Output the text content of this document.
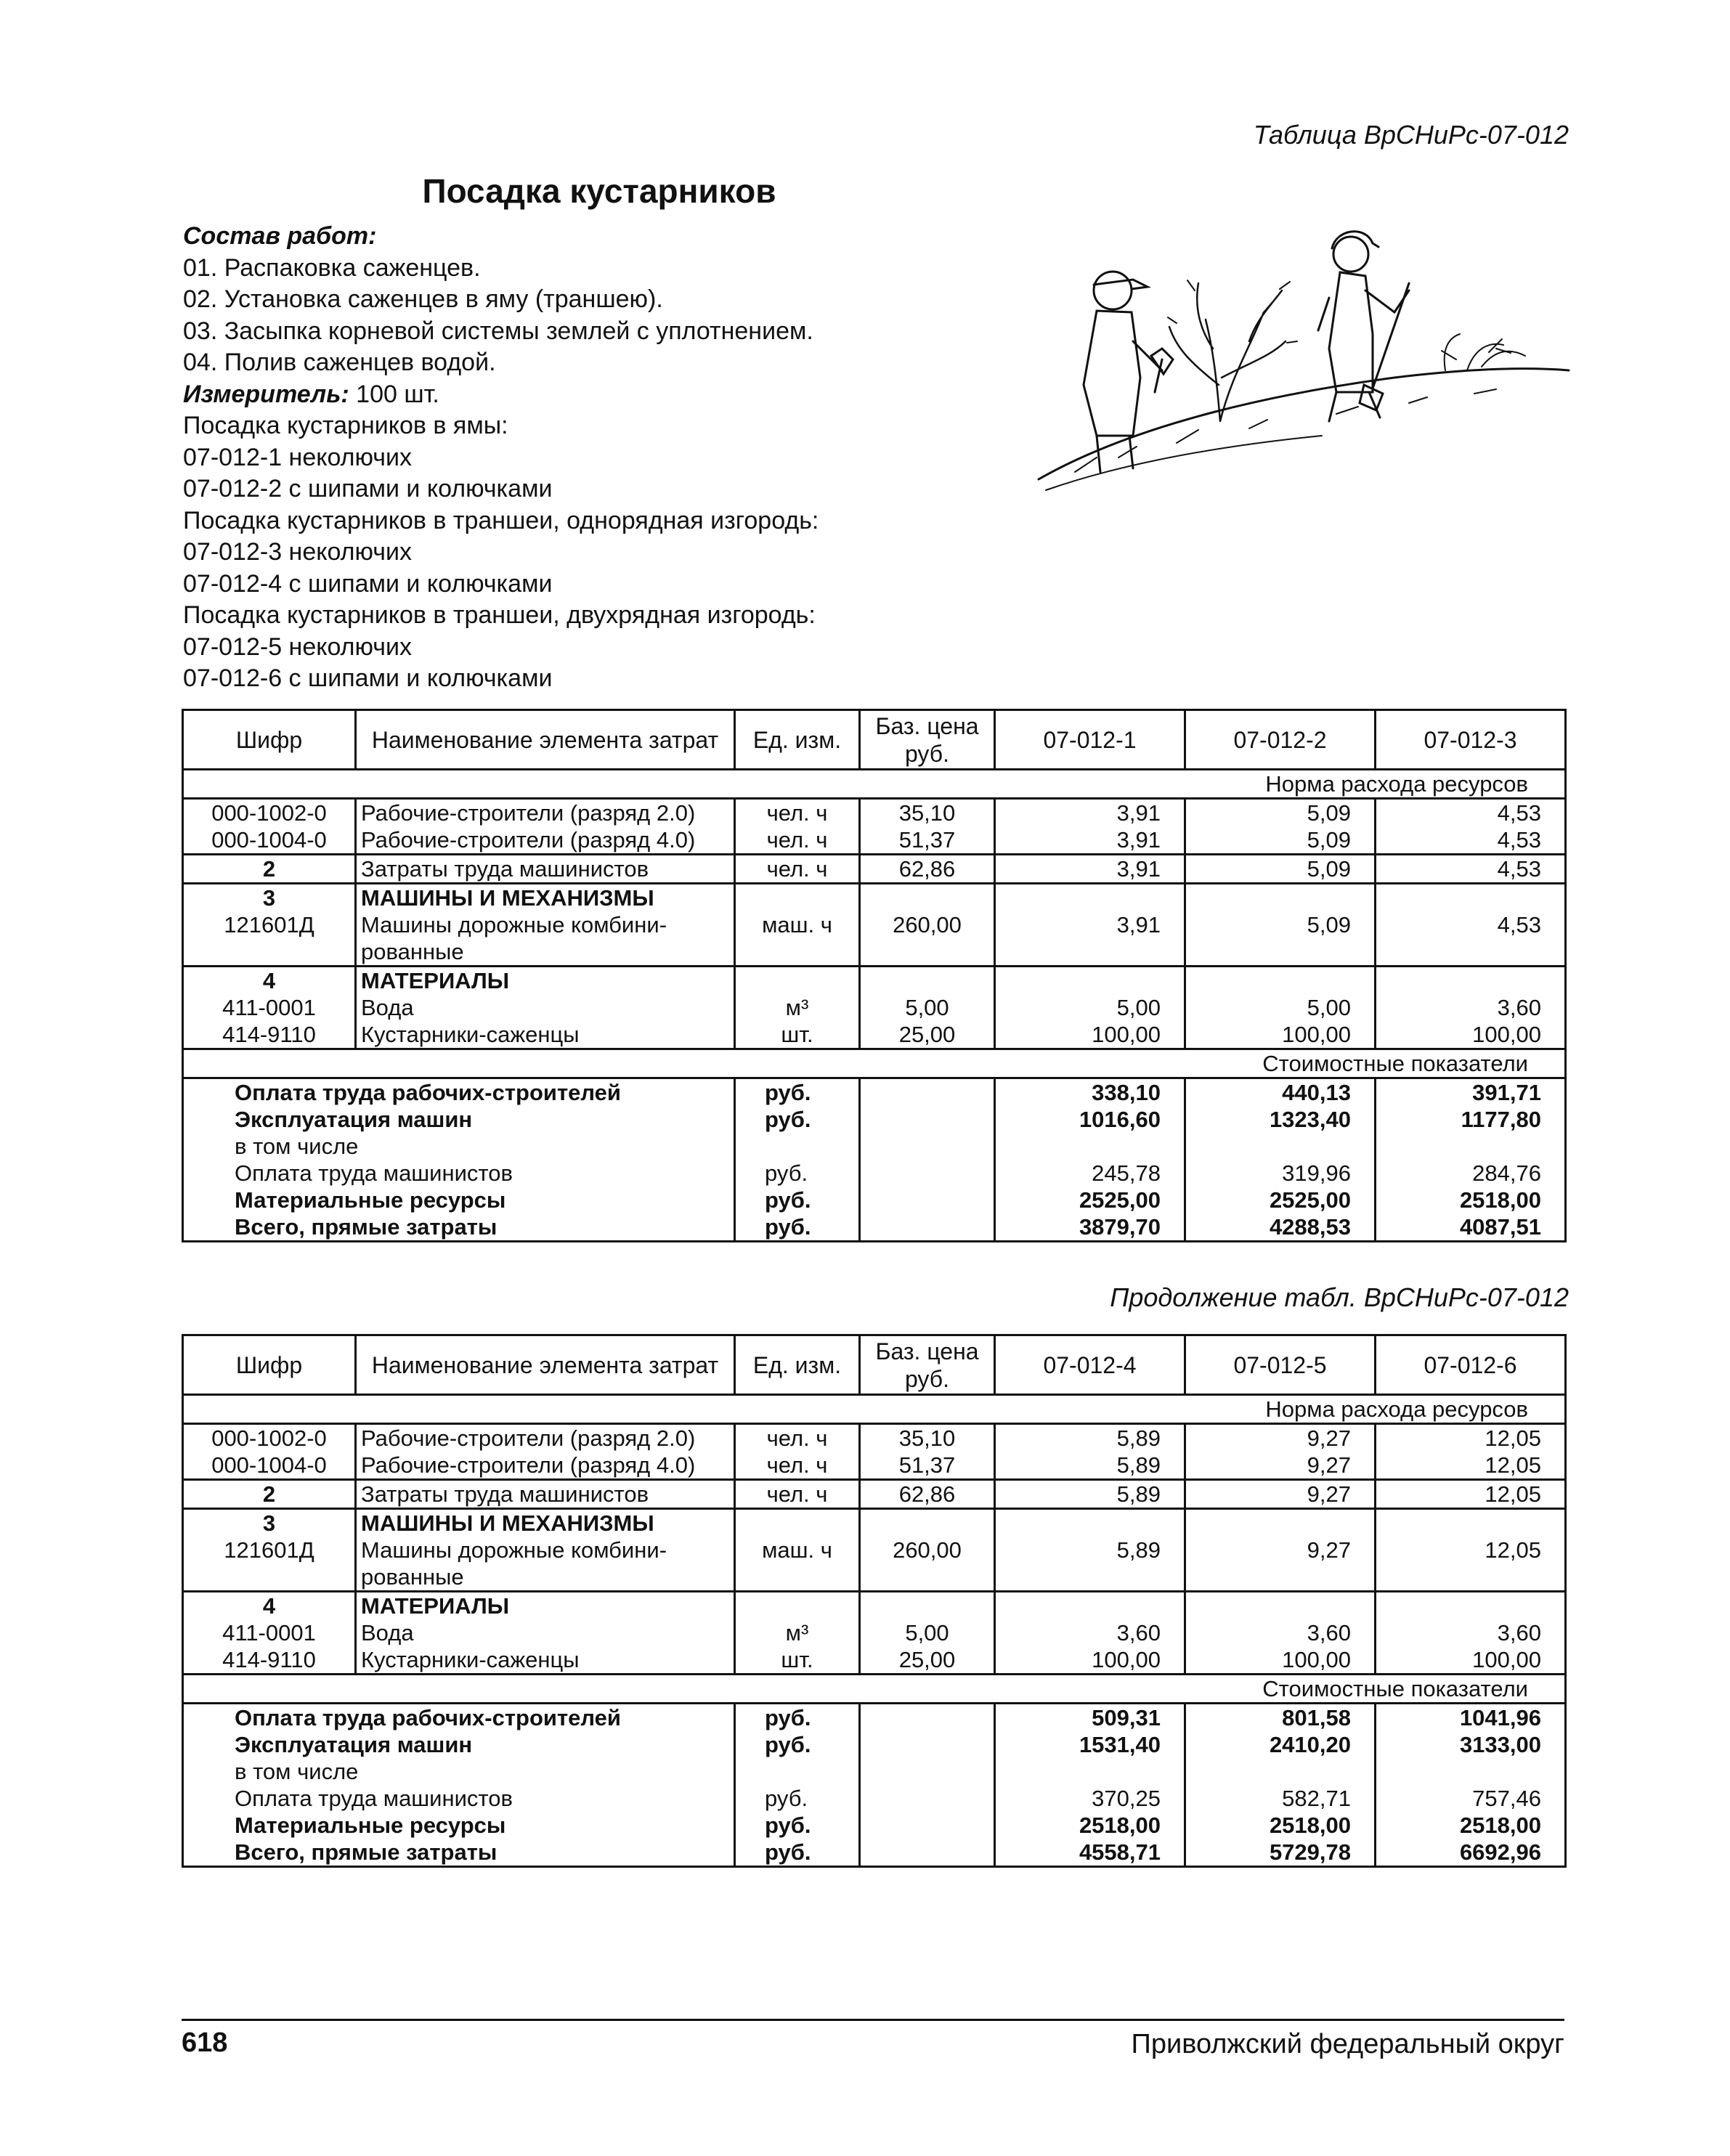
Таблица ВрСНиРс-07-012
Посадка кустарников
Состав работ:
01. Распаковка саженцев.
02. Установка саженцев в яму (траншею).
03. Засыпка корневой системы землей с уплотнением.
04. Полив саженцев водой.
Измеритель: 100 шт.
Посадка кустарников в ямы:
07-012-1 неколючих
07-012-2 с шипами и колючками
Посадка кустарников в траншеи, однорядная изгородь:
07-012-3 неколючих
07-012-4 с шипами и колючками
Посадка кустарников в траншеи, двухрядная изгородь:
07-012-5 неколючих
07-012-6 с шипами и колючками
Шифр	Наименование элемента затрат	Ед. изм.	Баз. цена руб.	07-012-1	07-012-2	07-012-3
Норма расхода ресурсов						
000-1002-0	Рабочие-строители (разряд 2.0)	чел. ч	35,10	3,91	5,09	4,53
000-1004-0	Рабочие-строители (разряд 4.0)	чел. ч	51,37	3,91	5,09	4,53
2	Затраты труда машинистов	чел. ч	62,86	3,91	5,09	4,53
3	МАШИНЫ И МЕХАНИЗМЫ					
121601Д	Машины дорожные комбини-	маш. ч	260,00	3,91	5,09	4,53
	рованные					
4	МАТЕРИАЛЫ					
411-0001	Вода	м³	5,00	5,00	5,00	3,60
414-9110	Кустарники-саженцы	шт.	25,00	100,00	100,00	100,00
Стоимостные показатели						
Оплата труда рабочих-строителей		руб.		338,10	440,13	391,71
Эксплуатация машин		руб.		1016,60	1323,40	1177,80
в том числе						
Оплата труда машинистов		руб.		245,78	319,96	284,76
Материальные ресурсы		руб.		2525,00	2525,00	2518,00
Всего, прямые затраты		руб.		3879,70	4288,53	4087,51
Продолжение табл. ВрСНиРс-07-012
Шифр	Наименование элемента затрат	Ед. изм.	Баз. цена руб.	07-012-4	07-012-5	07-012-6
Норма расхода ресурсов						
000-1002-0	Рабочие-строители (разряд 2.0)	чел. ч	35,10	5,89	9,27	12,05
000-1004-0	Рабочие-строители (разряд 4.0)	чел. ч	51,37	5,89	9,27	12,05
2	Затраты труда машинистов	чел. ч	62,86	5,89	9,27	12,05
3	МАШИНЫ И МЕХАНИЗМЫ					
121601Д	Машины дорожные комбини-	маш. ч	260,00	5,89	9,27	12,05
	рованные					
4	МАТЕРИАЛЫ					
411-0001	Вода	м³	5,00	3,60	3,60	3,60
414-9110	Кустарники-саженцы	шт.	25,00	100,00	100,00	100,00
Стоимостные показатели						
Оплата труда рабочих-строителей		руб.		509,31	801,58	1041,96
Эксплуатация машин		руб.		1531,40	2410,20	3133,00
в том числе						
Оплата труда машинистов		руб.		370,25	582,71	757,46
Материальные ресурсы		руб.		2518,00	2518,00	2518,00
Всего, прямые затраты		руб.		4558,71	5729,78	6692,96
618	Приволжский федеральный округ
